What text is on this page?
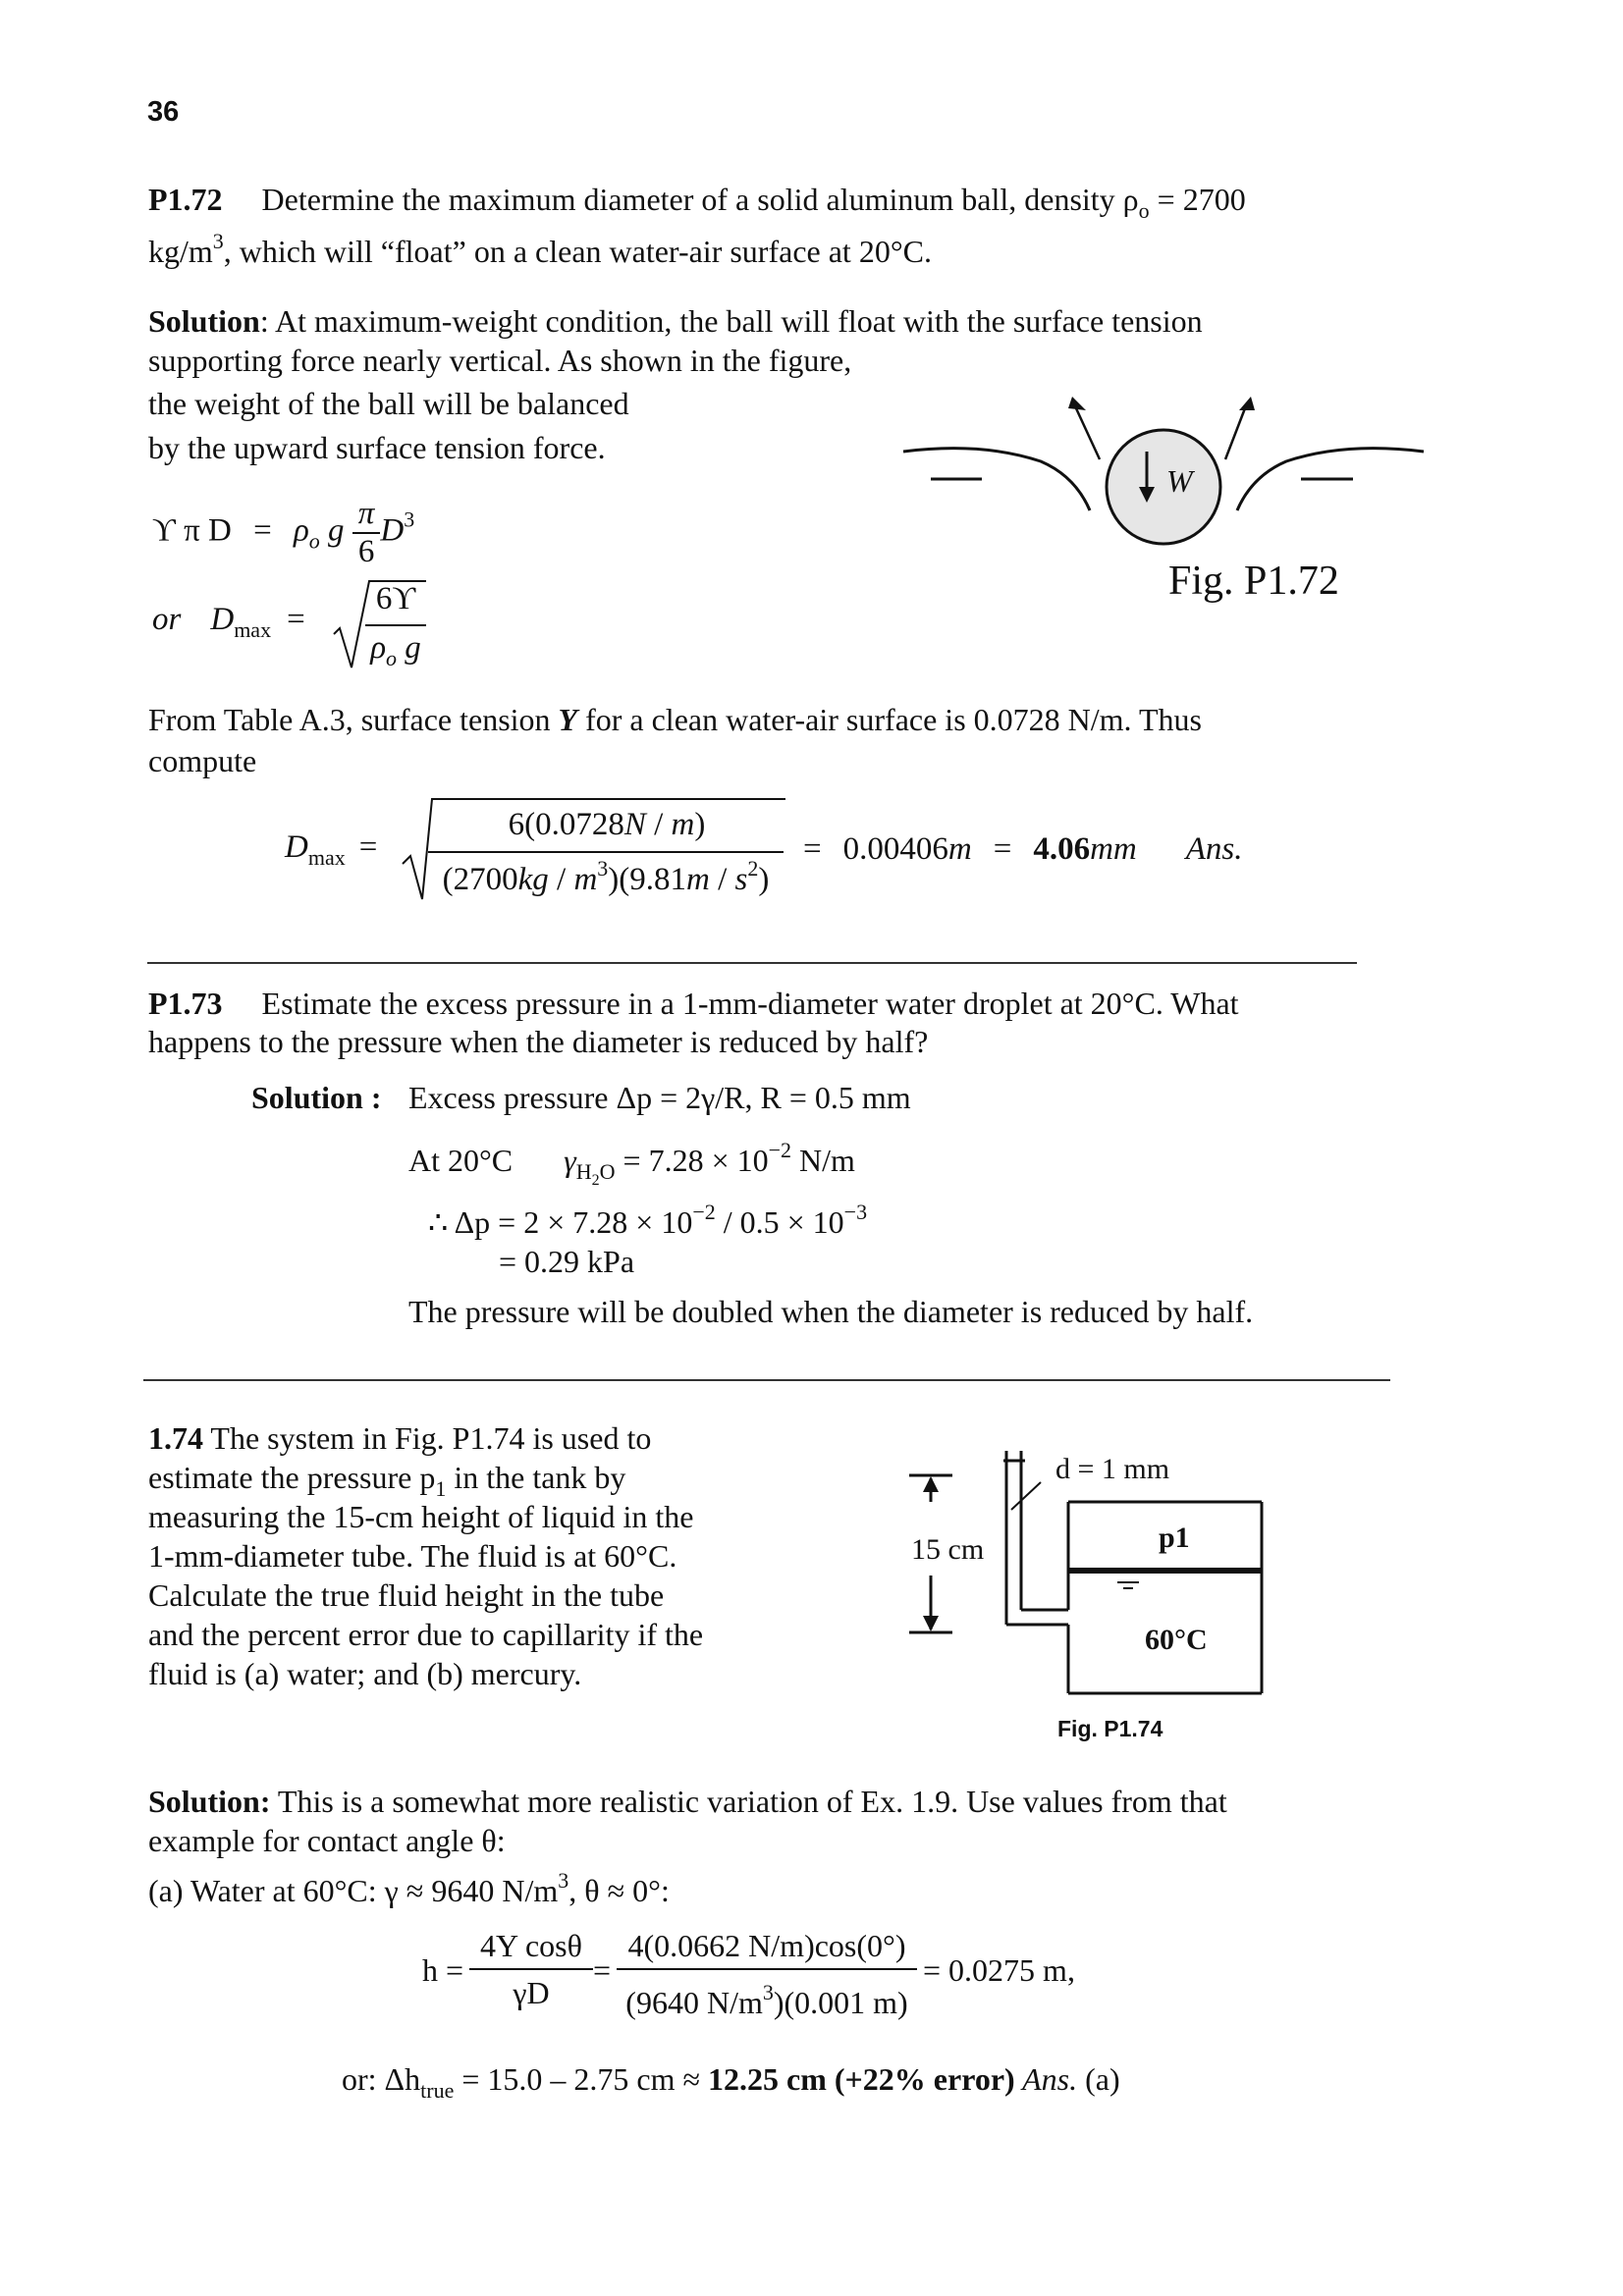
36
P1.72 Determine the maximum diameter of a solid aluminum ball, density $\rho_o = 2700$
$kg/m^3$, which will “float” on a clean water-air surface at 20°C.
Solution: At maximum-weight condition, the ball will float with the surface tension
supporting force nearly vertical. As shown in the figure,
the weight of the ball will be balanced
by the upward surface tension force.
ϒ π $D = \rho_o$ g $\frac{\pi}{6} D^3$
or $D_{max}$ =
6ϒ
$\rho_o$ g
W
Fig. P1.72
From Table A.3, surface tension Y for a clean water-air surface is 0.0728 N/m. Thus
compute
$D_{max}$ =
6(0.0728N / m)
$(2700kg / m^3)(9.81m / s^2)$
= 0.00406m = 4.06mm Ans.
P1.73 Estimate the excess pressure in a 1-mm-diameter water droplet at 20°C. What
happens to the pressure when the diameter is reduced by half?
Solution : Excess pressure Δp = 2γ/R, R = 0.5 mm
At 20°C $\gamma_{H2O} = 7.28 \times 10^{-2}$ N/m
∴ $\Delta p = 2 \times 7.28 \times 10^{-2} / 0.5 \times 10^{-3}$
= 0.29 kPa
The pressure will be doubled when the diameter is reduced by half.
1.74 The system in Fig. P1.74 is used to
estimate the pressure $p_1$ in the tank by
measuring the 15-cm height of liquid in the
1-mm-diameter tube. The fluid is at 60°C.
Calculate the true fluid height in the tube
and the percent error due to capillarity if the
fluid is (a) water; and (b) mercury.
d = 1 mm
15 cm	p1
60°C
Fig. P1.74
Solution: This is a somewhat more realistic variation of Ex. 1.9. Use values from that
example for contact angle θ:
(a) Water at 60°C: γ ≈ 9640 $N/m^3$, θ ≈ 0°:
h =
4Y cosθ
γD
=
4(0.0662 N/m)cos(0°)
(9640 $N/m^3)(0.001$ m)
= 0.0275 m,
or: $\Delta h_{true} = 15.0 - 2.75$ cm ≈ 12.25 cm (+22% error) Ans. (a)
